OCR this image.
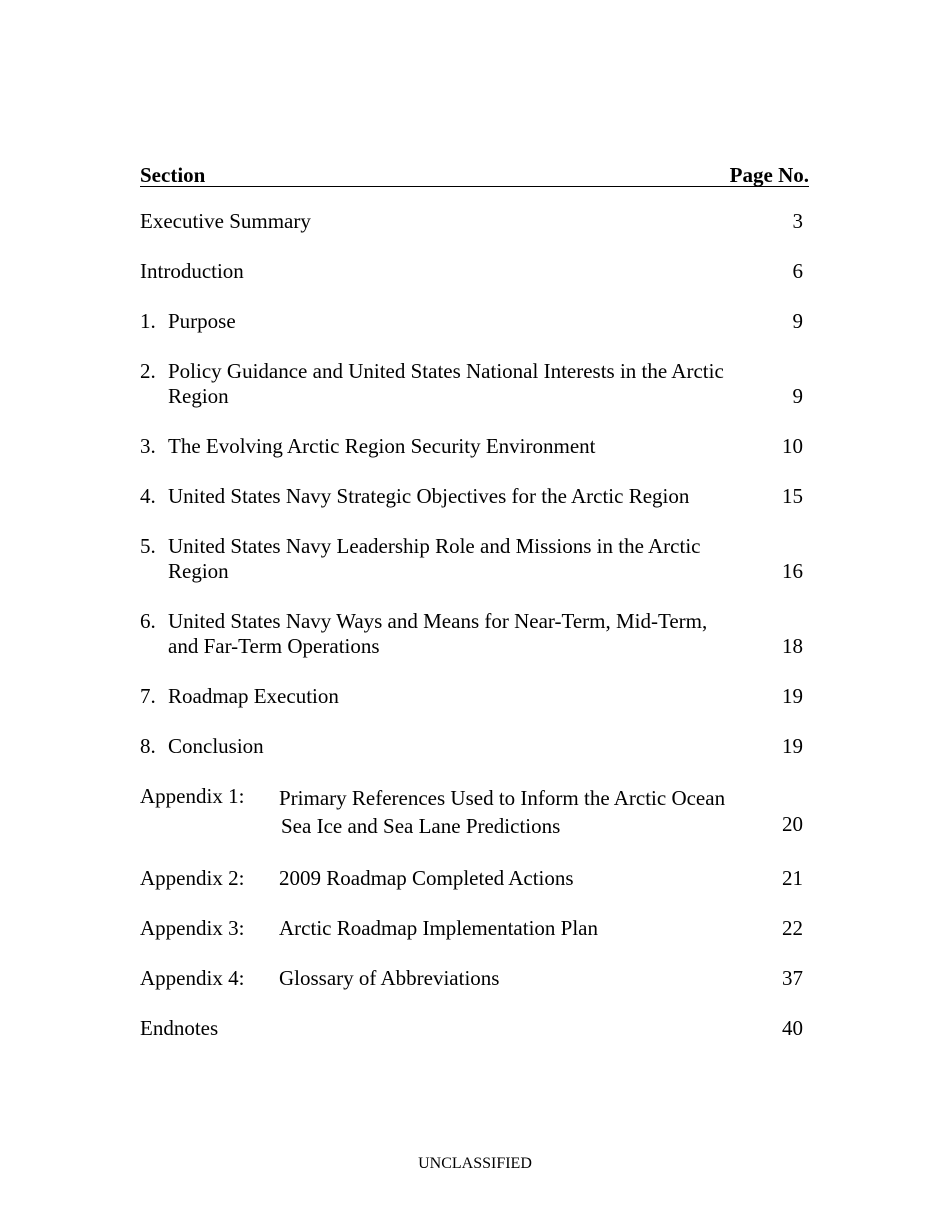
Section	Page No.
Executive Summary	3
Introduction	6
1. Purpose	9
2. Policy Guidance and United States National Interests in the Arctic
Region	9
3. The Evolving Arctic Region Security Environment	10
4. United States Navy Strategic Objectives for the Arctic Region	15
5. United States Navy Leadership Role and Missions in the Arctic
Region	16
6. United States Navy Ways and Means for Near-Term, Mid-Term,
and Far-Term Operations	18
7. Roadmap Execution	19
8. Conclusion	19
Appendix 1: Primary References Used to Inform the Arctic Ocean
Sea Ice and Sea Lane Predictions	20
Appendix 2: 2009 Roadmap Completed Actions	21
Appendix 3: Arctic Roadmap Implementation Plan	22
Appendix 4: Glossary of Abbreviations	37
Endnotes	40
UNCLASSIFIED
